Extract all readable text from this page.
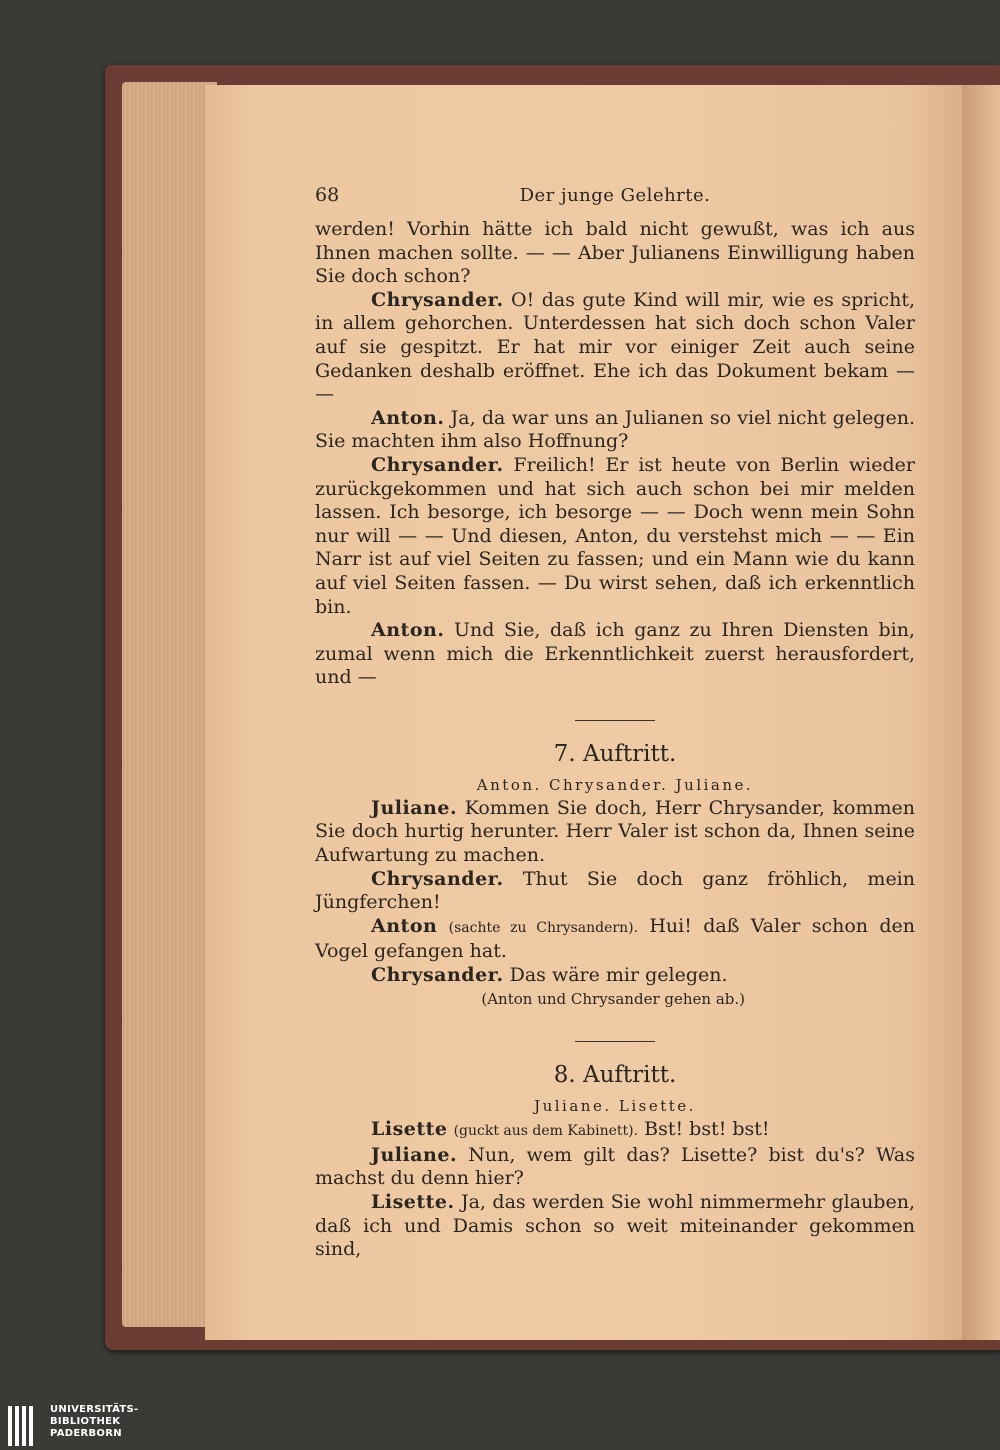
68	Der junge Gelehrte.

werden! Vorhin hätte ich bald nicht gewußt, was ich aus Ihnen machen sollte. — — Aber Julianens Einwilligung haben Sie doch schon?

Chrysander. O! das gute Kind will mir, wie es spricht, in allem gehorchen. Unterdessen hat sich doch schon Valer auf sie gespitzt. Er hat mir vor einiger Zeit auch seine Gedanken deshalb eröffnet. Ehe ich das Dokument bekam — —

Anton. Ja, da war uns an Julianen so viel nicht gelegen. Sie machten ihm also Hoffnung?

Chrysander. Freilich! Er ist heute von Berlin wieder zurückgekommen und hat sich auch schon bei mir melden lassen. Ich besorge, ich besorge — — Doch wenn mein Sohn nur will — — Und diesen, Anton, du verstehst mich — — Ein Narr ist auf viel Seiten zu fassen; und ein Mann wie du kann auf viel Seiten fassen. — Du wirst sehen, daß ich erkenntlich bin.

Anton. Und Sie, daß ich ganz zu Ihren Diensten bin, zumal wenn mich die Erkenntlichkeit zuerst herausfordert, und —

7. Auftritt.
Anton. Chrysander. Juliane.

Juliane. Kommen Sie doch, Herr Chrysander, kommen Sie doch hurtig herunter. Herr Valer ist schon da, Ihnen seine Aufwartung zu machen.

Chrysander. Thut Sie doch ganz fröhlich, mein Jüngferchen!

Anton (sachte zu Chrysandern). Hui! daß Valer schon den Vogel gefangen hat.

Chrysander. Das wäre mir gelegen.

(Anton und Chrysander gehen ab.)
8. Auftritt.
Juliane. Lisette.

Lisette (guckt aus dem Kabinett). Bst! bst! bst!

Juliane. Nun, wem gilt das? Lisette? bist du's? Was machst du denn hier?

Lisette. Ja, das werden Sie wohl nimmermehr glauben, daß ich und Damis schon so weit miteinander gekommen sind,

UNIVERSITÄTS-
BIBLIOTHEK
PADERBORN
